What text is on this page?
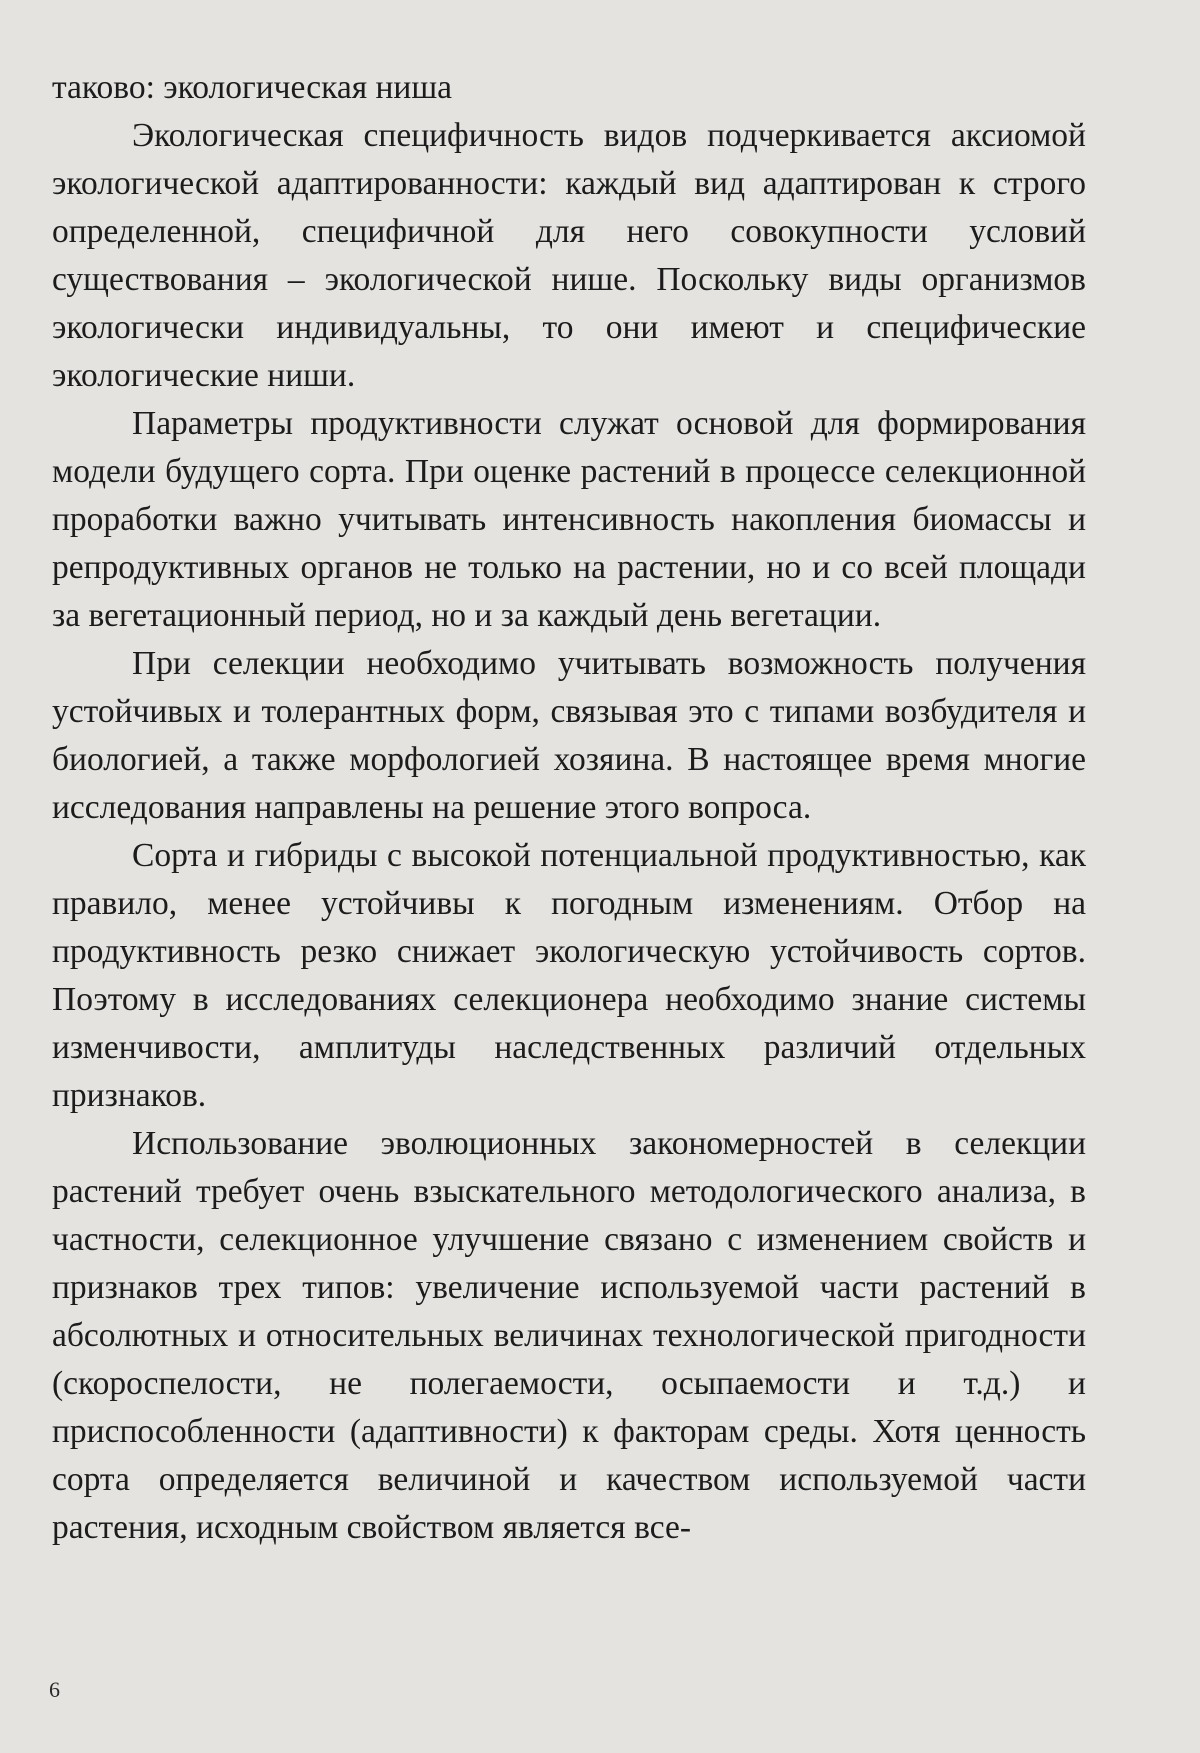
таково: экологическая ниша

Экологическая специфичность видов подчеркивается аксиомой экологической адаптированности: каждый вид адаптирован к строго определенной, специфичной для него совокупности условий существования – экологической нише. Поскольку виды организмов экологически индивидуальны, то они имеют и специфические экологические ниши.

Параметры продуктивности служат основой для формирования модели будущего сорта. При оценке растений в процессе селекционной проработки важно учитывать интенсивность накопления биомассы и репродуктивных органов не только на растении, но и со всей площади за вегетационный период, но и за каждый день вегетации.

При селекции необходимо учитывать возможность получения устойчивых и толерантных форм, связывая это с типами возбудителя и биологией, а также морфологией хозяина. В настоящее время многие исследования направлены на решение этого вопроса.

Сорта и гибриды с высокой потенциальной продуктивностью, как правило, менее устойчивы к погодным изменениям. Отбор на продуктивность резко снижает экологическую устойчивость сортов. Поэтому в исследованиях селекционера необходимо знание системы изменчивости, амплитуды наследственных различий отдельных признаков.

Использование эволюционных закономерностей в селекции растений требует очень взыскательного методологического анализа, в частности, селекционное улучшение связано с изменением свойств и признаков трех типов: увеличение используемой части растений в абсолютных и относительных величинах технологической пригодности (скороспелости, не полегаемости, осыпаемости и т.д.) и приспособленности (адаптивности) к факторам среды. Хотя ценность сорта определяется величиной и качеством используемой части растения, исходным свойством является все-

6
